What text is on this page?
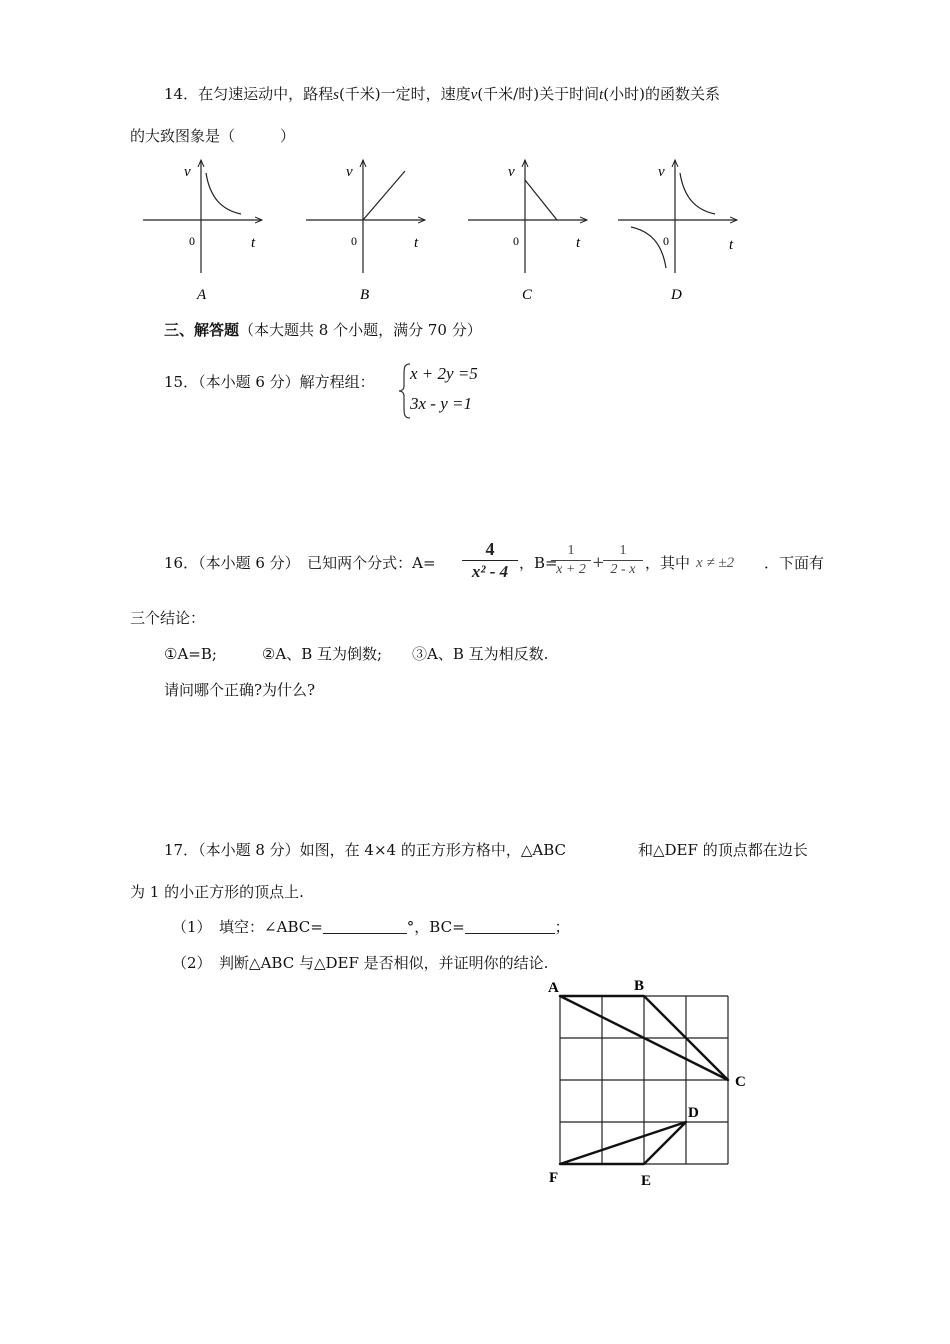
14．在匀速运动中，路程s(千米)一定时，速度v(千米/时)关于时间t(小时)的函数关系
的大致图象是（　　　）
v
t
0
A
v
t
0
B
v
t
0
C
v
t
0
D
三、解答题（本大题共 8 个小题，满分 70 分）
15．（本小题 6 分）解方程组： x + 2y =5
3x - y =1
16．（本小题 6 分）　已知两个分式：A=
4
x² - 4 ，B=
1
x + 2 +
1
2 - x ，其中 x ≠ ±2 ．下面有
三个结论：
①A=B;　　　②A、B 互为倒数;　　③A、B 互为相反数.
请问哪个正确?为什么?
17．（本小题 8 分）如图，在 4×4 的正方形方格中，△ABC	和△DEF 的顶点都在边长
为 1 的小正方形的顶点上.
（1）　填空：∠ABC=	°，BC=	；
（2）　判断△ABC 与△DEF 是否相似，并证明你的结论.
A	B
C
D
E
F
